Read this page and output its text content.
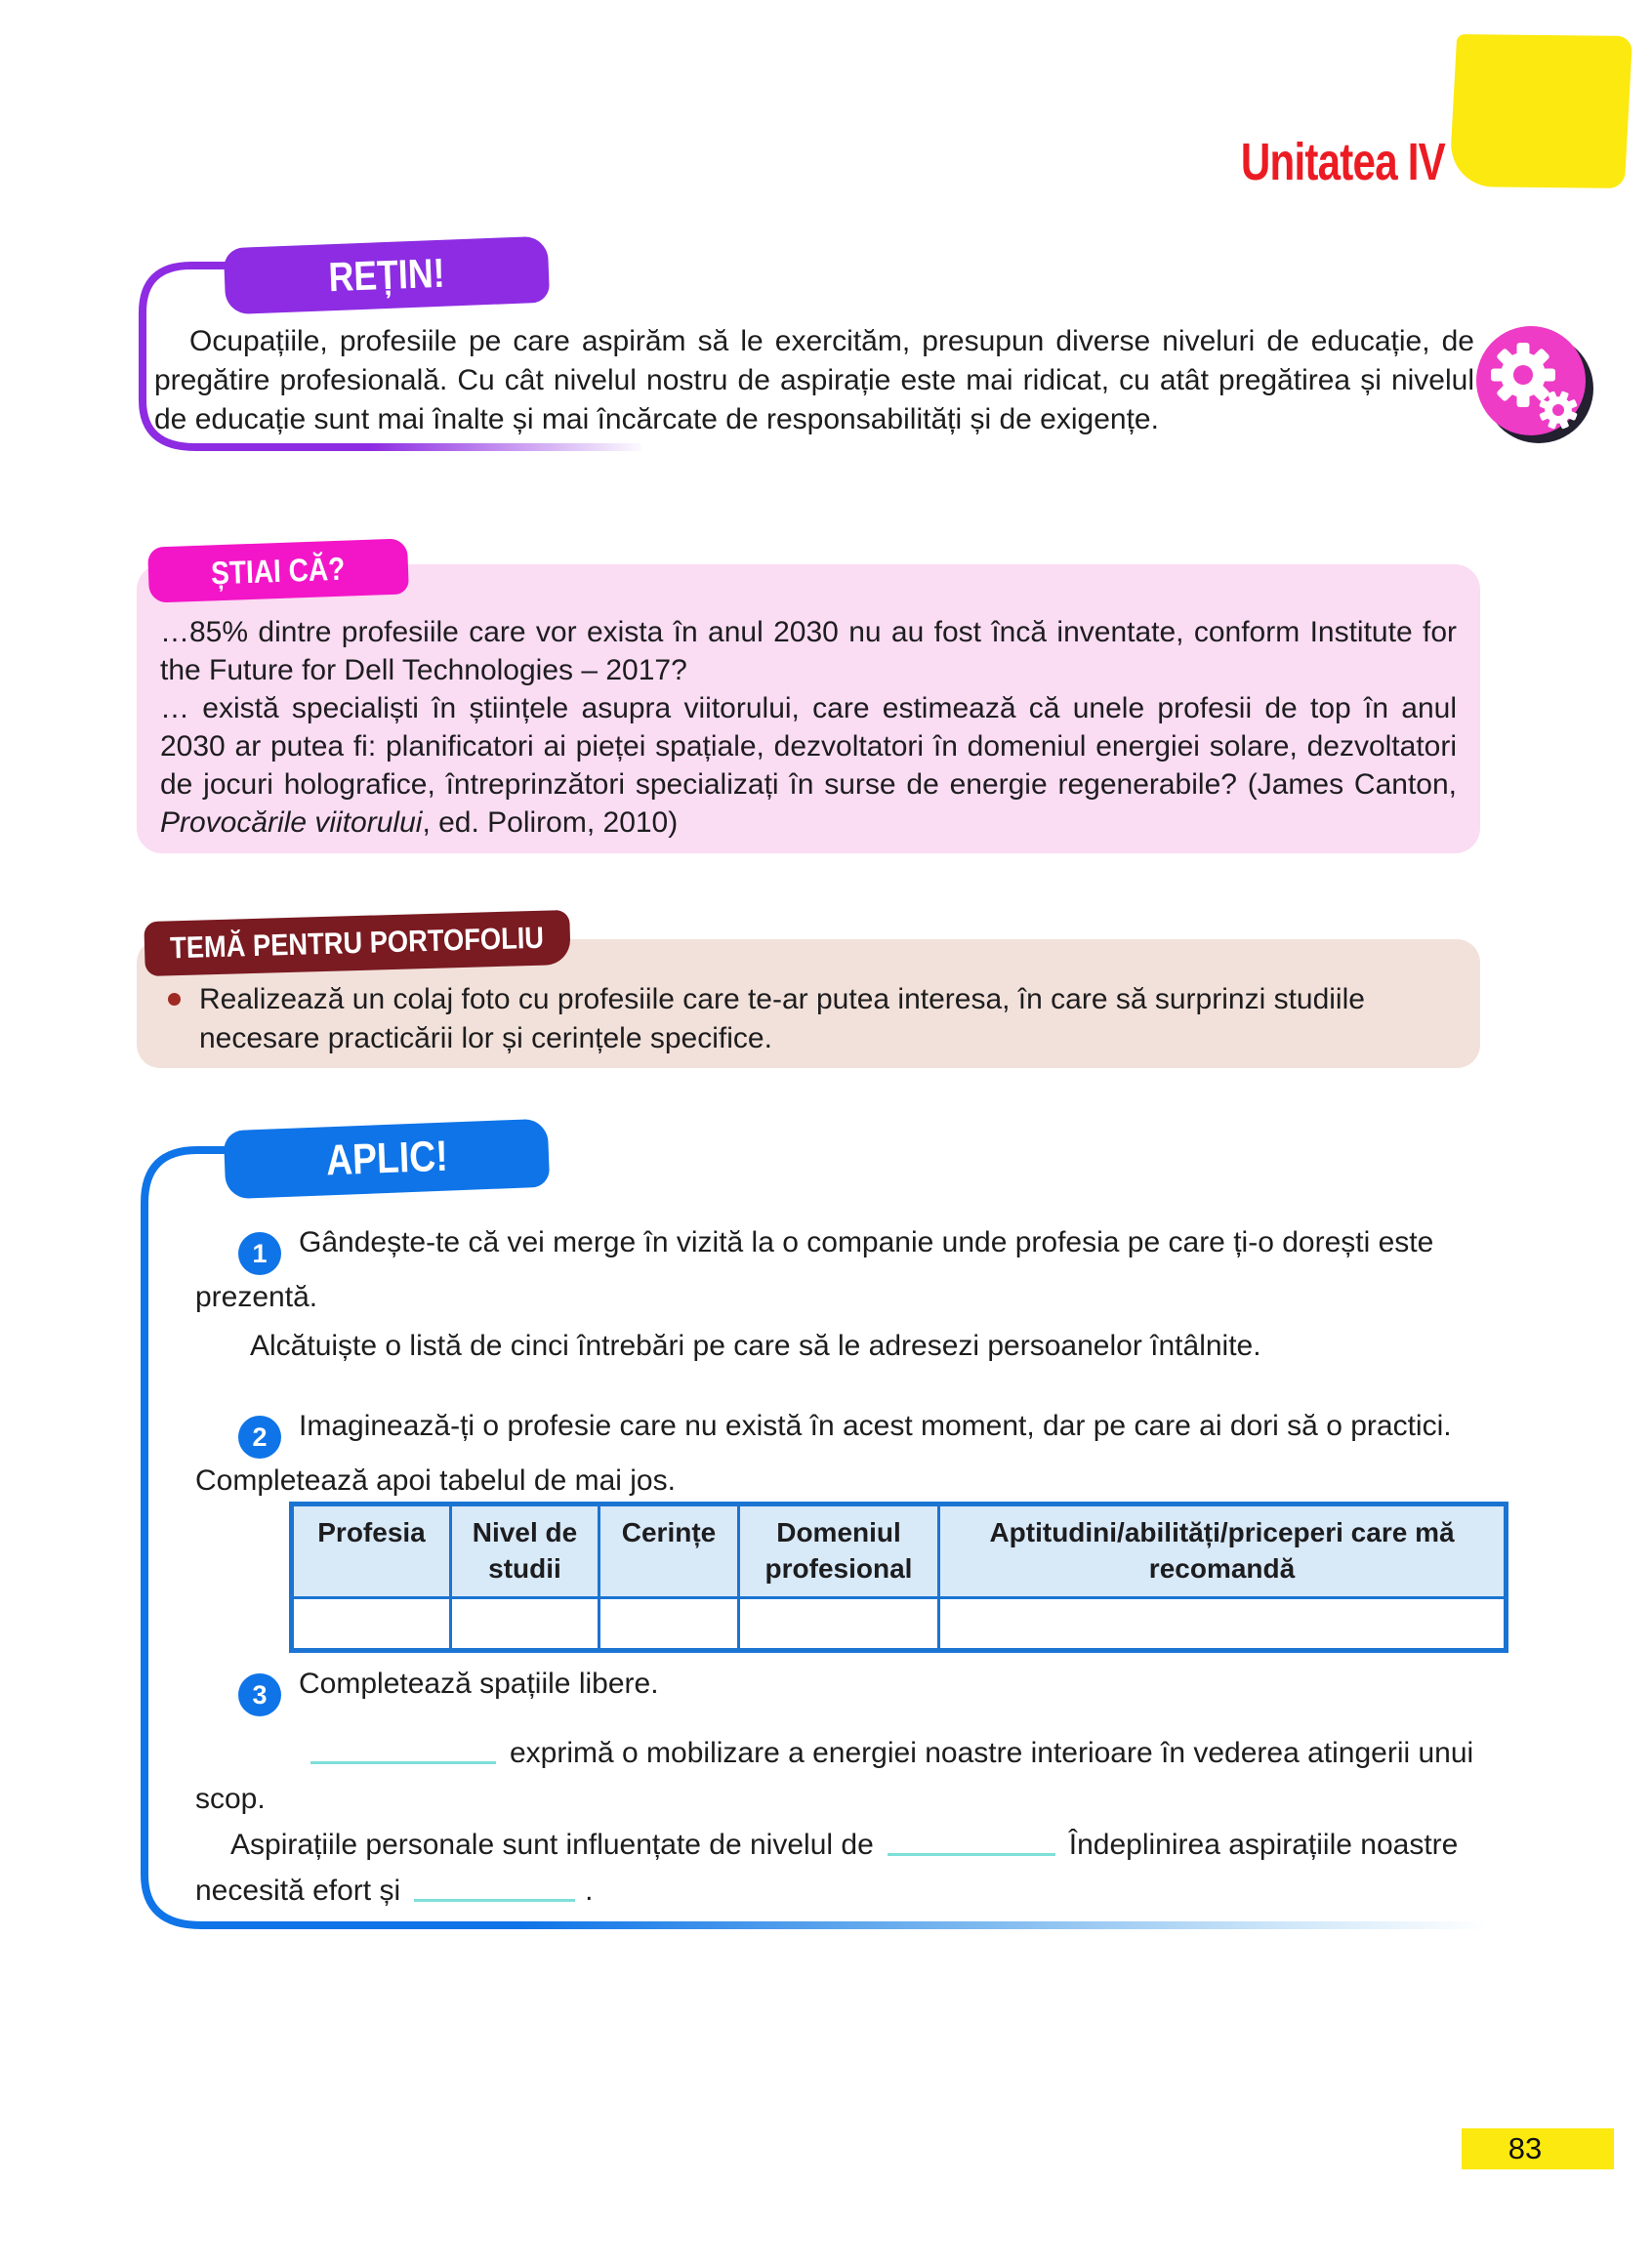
Unitatea IV
REȚIN!
Ocupațiile, profesiile pe care aspirăm să le exercităm, presupun diverse niveluri de educație, de pregătire profesională. Cu cât nivelul nostru de aspirație este mai ridicat, cu atât pregătirea și nivelul de educație sunt mai înalte și mai încărcate de responsabilități și de exigențe.
ȘTIAI CĂ?

…85% dintre profesiile care vor exista în anul 2030 nu au fost încă inventate, conform Institute for the Future for Dell Technologies – 2017?

… există specialiști în științele asupra viitorului, care estimează că unele profesii de top în anul 2030 ar putea fi: planificatori ai pieței spațiale, dezvoltatori în domeniul energiei solare, dezvoltatori de jocuri holografice, întreprinzători specializați în surse de energie regenerabile? (James Canton, Provocările viitorului, ed. Polirom, 2010)

TEMĂ PENTRU PORTOFOLIU
Realizează un colaj foto cu profesiile care te-ar putea interesa, în care să surprinzi studiile necesare practicării lor și cerințele specifice.
APLIC!

1 Gândește-te că vei merge în vizită la o companie unde profesia pe care ți-o dorești este prezentă.

Alcătuiște o listă de cinci întrebări pe care să le adresezi persoanelor întâlnite.

2 Imaginează-ți o profesie care nu există în acest moment, dar pe care ai dori să o practici. Completează apoi tabelul de mai jos.

Profesia	Nivel de studii	Cerințe	Domeniul profesional	Aptitudini/abilități/priceperi care mă recomandă

3 Completează spațiile libere.

exprimă o mobilizare a energiei noastre interioare în vederea atingerii unui scop.

Aspirațiile personale sunt influențate de nivelul de	Îndeplinirea aspirațiile noastre necesită efort și	.

83
